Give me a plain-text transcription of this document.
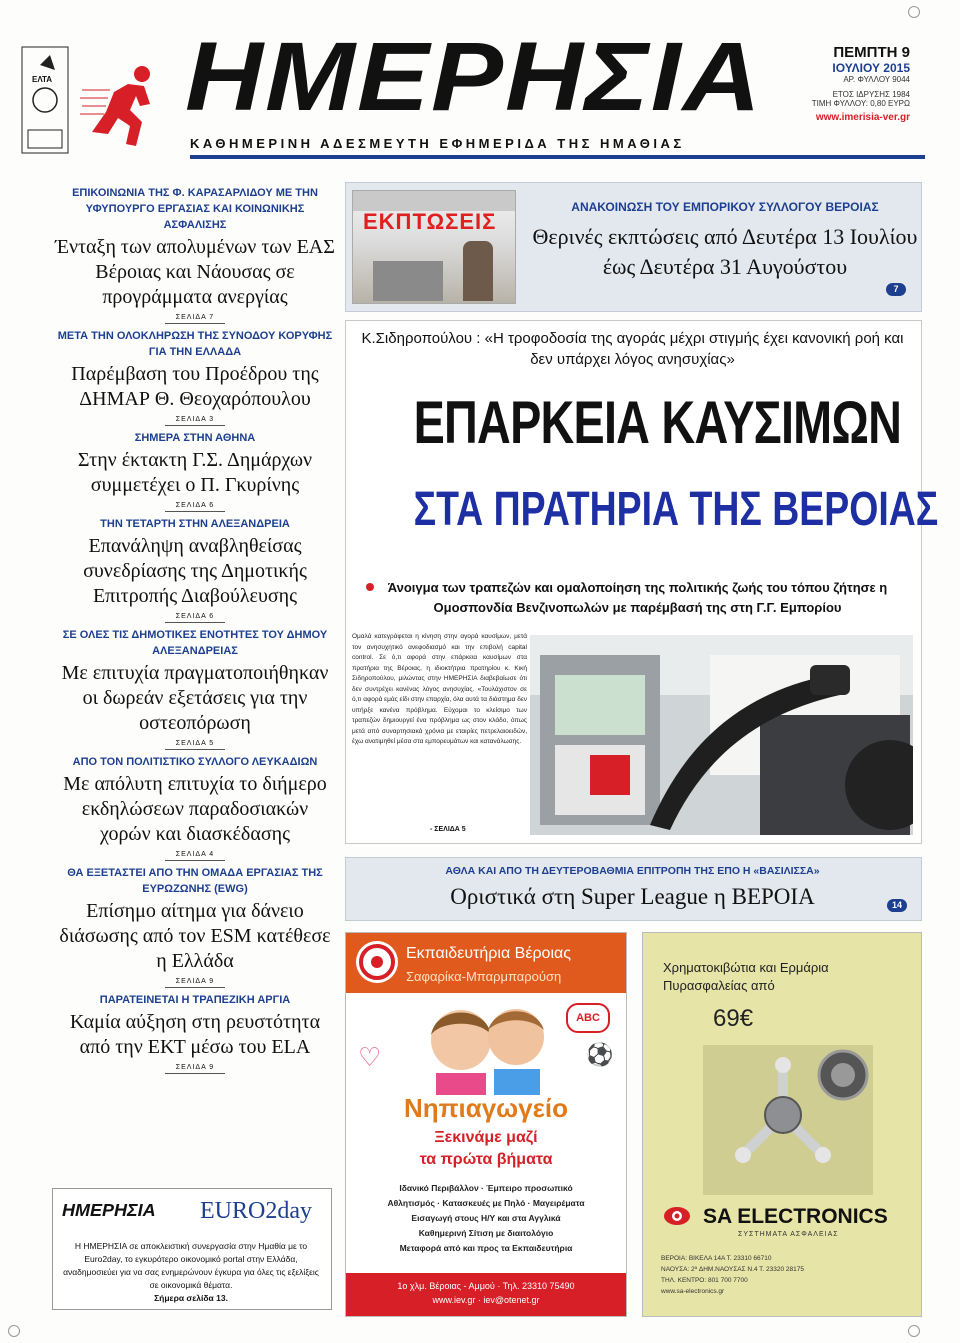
ΕΛΤΑ ΗΜΕΡΗΣΙΑ
ΚΑΘΗΜΕΡΙΝΗ ΑΔΕΣΜΕΥΤΗ ΕΦΗΜΕΡΙΔΑ ΤΗΣ ΗΜΑΘΙΑΣ
ΠΕΜΠΤΗ 9
ΙΟΥΛΙΟΥ 2015
ΑΡ. ΦΥΛΛΟΥ 9044
ΕΤΟΣ ΙΔΡΥΣΗΣ 1984
ΤΙΜΗ ΦΥΛΛΟΥ: 0,80 ΕΥΡΩ
www.imerisia-ver.gr
ΕΠΙΚΟΙΝΩΝΙΑ ΤΗΣ Φ. ΚΑΡΑΣΑΡΛΙΔΟΥ ΜΕ ΤΗΝ ΥΦΥΠΟΥΡΓΟ ΕΡΓΑΣΙΑΣ ΚΑΙ ΚΟΙΝΩΝΙΚΗΣ ΑΣΦΑΛΙΣΗΣ
Ένταξη των απολυμένων των ΕΑΣ Βέροιας και Νάουσας σε προγράμματα ανεργίας
ΣΕΛΙΔΑ 7
ΜΕΤΑ ΤΗΝ ΟΛΟΚΛΗΡΩΣΗ ΤΗΣ ΣΥΝΟΔΟΥ ΚΟΡΥΦΗΣ ΓΙΑ ΤΗΝ ΕΛΛΑΔΑ
Παρέμβαση του Προέδρου της ΔΗΜΑΡ Θ. Θεοχαρόπουλου
ΣΕΛΙΔΑ 3
ΣΗΜΕΡΑ ΣΤΗΝ ΑΘΗΝΑ
Στην έκτακτη Γ.Σ. Δημάρχων συμμετέχει ο Π. Γκυρίνης
ΣΕΛΙΔΑ 6
ΤΗΝ ΤΕΤΑΡΤΗ ΣΤΗΝ ΑΛΕΞΑΝΔΡΕΙΑ
Επανάληψη αναβληθείσας συνεδρίασης της Δημοτικής Επιτροπής Διαβούλευσης
ΣΕΛΙΔΑ 6
ΣΕ ΟΛΕΣ ΤΙΣ ΔΗΜΟΤΙΚΕΣ ΕΝΟΤΗΤΕΣ ΤΟΥ ΔΗΜΟΥ ΑΛΕΞΑΝΔΡΕΙΑΣ
Με επιτυχία πραγματοποιήθηκαν οι δωρεάν εξετάσεις για την οστεοπόρωση
ΣΕΛΙΔΑ 5
ΑΠΟ ΤΟΝ ΠΟΛΙΤΙΣΤΙΚΟ ΣΥΛΛΟΓΟ ΛΕΥΚΑΔΙΩΝ
Με απόλυτη επιτυχία το διήμερο εκδηλώσεων παραδοσιακών χορών και διασκέδασης
ΣΕΛΙΔΑ 4
ΘΑ ΕΞΕΤΑΣΤΕΙ ΑΠΟ ΤΗΝ ΟΜΑΔΑ ΕΡΓΑΣΙΑΣ ΤΗΣ ΕΥΡΩΖΩΝΗΣ (EWG)
Επίσημο αίτημα για δάνειο διάσωσης από τον ESM κατέθεσε η Ελλάδα
ΣΕΛΙΔΑ 9
ΠΑΡΑΤΕΙΝΕΤΑΙ Η ΤΡΑΠΕΖΙΚΗ ΑΡΓΙΑ
Καμία αύξηση στη ρευστότητα από την ΕΚΤ μέσω του ELA
ΣΕΛΙΔΑ 9
ΗΜΕΡΗΣΙΑ EURO2day
Η ΗΜΕΡΗΣΙΑ σε αποκλειστική συνεργασία στην Ημαθία με το Euro2day, το εγκυρότερο οικονομικό portal στην Ελλάδα, αναδημοσιεύει για να σας ενημερώνουν έγκυρα για όλες τις εξελίξεις σε οικονομικά θέματα.
Σήμερα σελίδα 13.
ΕΚΠΤΩΣΕΙΣ
ΑΝΑΚΟΙΝΩΣΗ ΤΟΥ ΕΜΠΟΡΙΚΟΥ ΣΥΛΛΟΓΟΥ ΒΕΡΟΙΑΣ
Θερινές εκπτώσεις από Δευτέρα 13 Ιουλίου έως Δευτέρα 31 Αυγούστου
7
Κ.Σιδηροπούλου : «Η τροφοδοσία της αγοράς μέχρι στιγμής έχει κανονική ροή και δεν υπάρχει λόγος ανησυχίας»
ΕΠΑΡΚΕΙΑ ΚΑΥΣΙΜΩΝ
ΣΤΑ ΠΡΑΤΗΡΙΑ ΤΗΣ ΒΕΡΟΙΑΣ
Άνοιγμα των τραπεζών και ομαλοποίηση της πολιτικής ζωής του τόπου ζήτησε η Ομοσπονδία Βενζινοπωλών με παρέμβασή της στη Γ.Γ. Εμπορίου
Ομαλά κατεγράφεται η κίνηση στην αγορά καυσίμων, μετά τον ανησυχητικό ανεφοδιασμό και την επιβολή capital control. Σε ό,τι αφορά στην επάρκεια καυσίμων στα πρατήρια της Βέροιας, η ιδιοκτήτρια πρατηρίου κ. Κική Σιδηροπούλου, μιλώντας στην ΗΜΕΡΗΣΙΑ διαβεβαίωσε ότι δεν συντρέχει κανένας λόγος ανησυχίας. «Τουλάχιστον σε ό,τι αφορά εμάς είδι στην επαρχία, όλα αυτά τα διάστημα δεν υπήρξε κανένα πρόβλημα. Εύχομαι το κλείσιμο των τραπεζών δημιουργεί ένα πρόβλημα ως στον κλάδο, όπως μετά από συναρτησιακά χρόνια με εταιρίες πετρελαιοειδών, έχω ανατιμηθεί μέσα στα εμπορευμάτων και κατανάλωσης.
- ΣΕΛΙΔΑ 5
ΑΘΛΑ ΚΑΙ ΑΠΟ ΤΗ ΔΕΥΤΕΡΟΒΑΘΜΙΑ ΕΠΙΤΡΟΠΗ ΤΗΣ ΕΠΟ Η «ΒΑΣΙΛΙΣΣΑ»
Οριστικά στη Super League η ΒΕΡΟΙΑ	14
Εκπαιδευτήρια Βέροιας
Σαφαρίκα-Μπαρμπαρούση
ABC
♡	⚽
Νηπιαγωγείο
Ξεκινάμε μαζί
τα πρώτα βήματα
Ιδανικό Περιβάλλον · Έμπειρο προσωπικό
Αθλητισμός · Κατασκευές με Πηλό · Μαγειρέματα
Εισαγωγή στους Η/Υ και στα Αγγλικά
Καθημερινή Σίτιση με διαιτολόγιο
Μεταφορά από και προς τα Εκπαιδευτήρια
1ο χλμ. Βέροιας - Αμμού · Τηλ. 23310 75490
www.iev.gr · iev@otenet.gr
Χρηματοκιβώτια και Ερμάρια Πυρασφαλείας από
69€
SA ELECTRONICS
ΣΥΣΤΗΜΑΤΑ ΑΣΦΑΛΕΙΑΣ
ΒΕΡΟΙΑ: ΒΙΚΕΛΑ 14Α Τ. 23310 66710
ΝΑΟΥΣΑ: 2ª ΔΗΜ.ΝΑΟΥΣΑΣ Ν.4 Τ. 23320 28175
ΤΗΛ. ΚΕΝΤΡΟ: 801 700 7700
www.sa-electronics.gr
